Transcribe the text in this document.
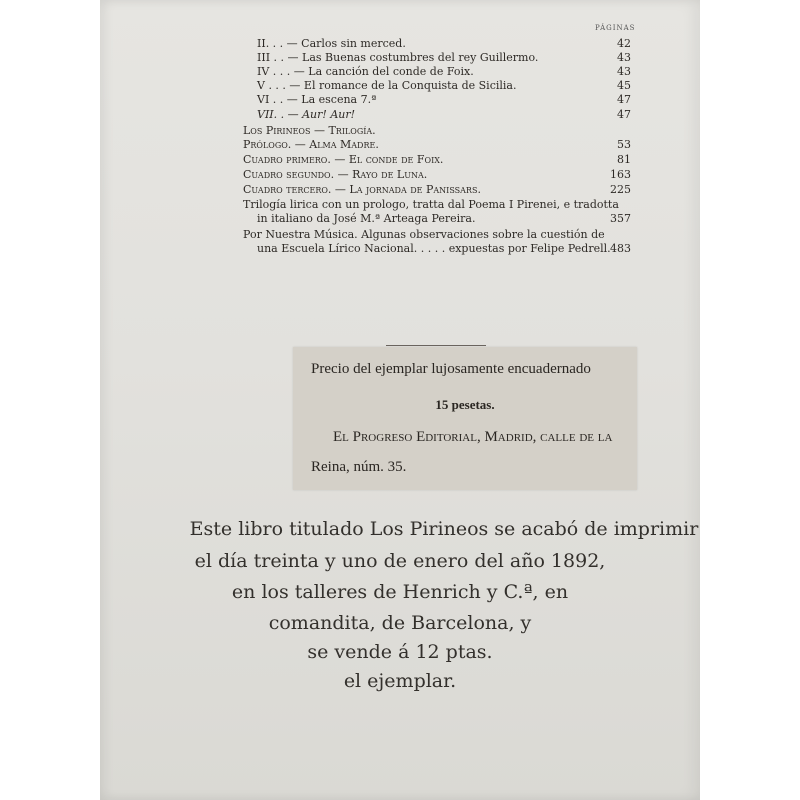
PÁGINAS
II. . . — Carlos sin merced.	42
III . . — Las Buenas costumbres del rey Guillermo.	43
IV . . . — La canción del conde de Foix.	43
V . . . — El romance de la Conquista de Sicilia.	45
VI . . — La escena 7.ª	47
VII. . — Aur! Aur!	47
Los Pirineos — Trilogía.
Prólogo. — Alma Madre.	53
Cuadro primero. — El conde de Foix.	81
Cuadro segundo. — Rayo de Luna.	163
Cuadro tercero. — La jornada de Panissars.	225
Trilogía lirica con un prologo, tratta dal Poema I Pirenei, e tradotta
in italiano da José M.ª Arteaga Pereira.	357
Por Nuestra Música. Algunas observaciones sobre la cuestión de
una Escuela Lírico Nacional. . . . . expuestas por Felipe Pedrell. 483
Precio del ejemplar lujosamente encuadernado
15 pesetas.
El Progreso Editorial, Madrid, calle de la
Reina, núm. 35.
Este libro titulado Los Pirineos se acabó de imprimir
el día treinta y uno de enero del año 1892,
en los talleres de Henrich y C.ª, en
comandita, de Barcelona, y
se vende á 12 ptas.
el ejemplar.
